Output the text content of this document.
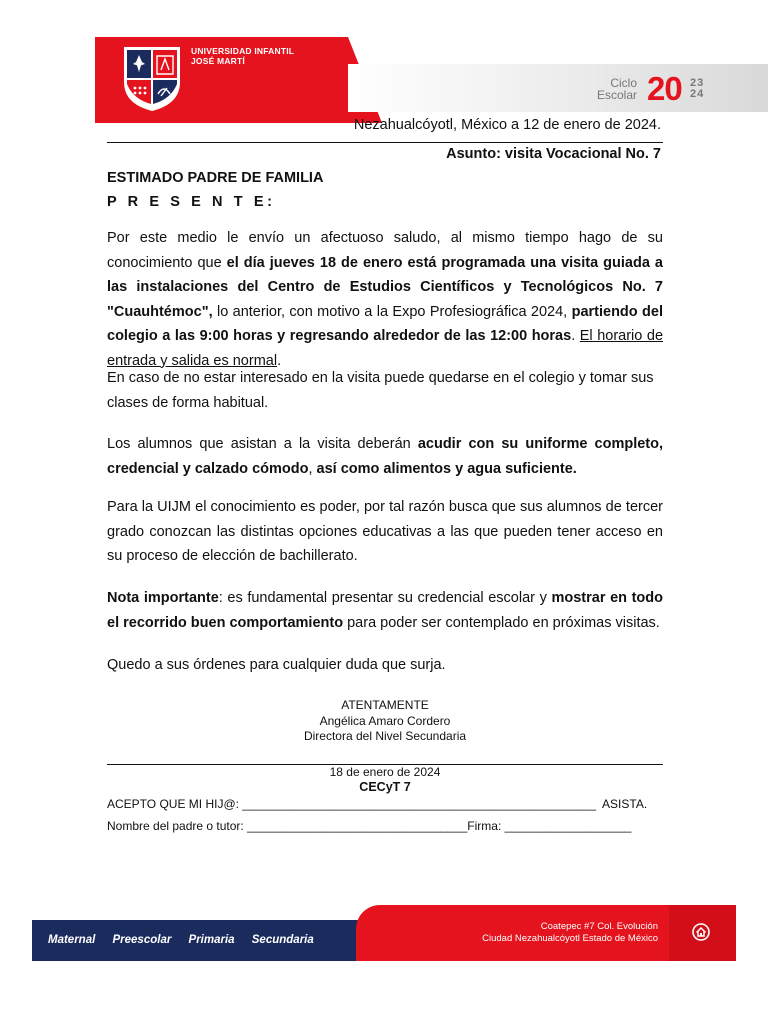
UNIVERSIDAD INFANTIL
JOSÉ MARTÍ
Ciclo
Escolar 20 23
24
Nezahualcóyotl, México a 12 de enero de 2024.
Asunto: visita Vocacional No. 7
ESTIMADO PADRE DE FAMILIA
P R E S E N T E:
Por este medio le envío un afectuoso saludo, al mismo tiempo hago de su conocimiento que el día jueves 18 de enero está programada una visita guiada a las instalaciones del Centro de Estudios Científicos y Tecnológicos No. 7 "Cuauhtémoc", lo anterior, con motivo a la Expo Profesiográfica 2024, partiendo del colegio a las 9:00 horas y regresando alrededor de las 12:00 horas. El horario de entrada y salida es normal.
En caso de no estar interesado en la visita puede quedarse en el colegio y tomar sus clases de forma habitual.
Los alumnos que asistan a la visita deberán acudir con su uniforme completo, credencial y calzado cómodo, así como alimentos y agua suficiente.
Para la UIJM el conocimiento es poder, por tal razón busca que sus alumnos de tercer grado conozcan las distintas opciones educativas a las que pueden tener acceso en su proceso de elección de bachillerato.
Nota importante: es fundamental presentar su credencial escolar y mostrar en todo el recorrido buen comportamiento para poder ser contemplado en próximas visitas.
Quedo a sus órdenes para cualquier duda que surja.
ATENTAMENTE
Angélica Amaro Cordero
Directora del Nivel Secundaria
18 de enero de 2024
CECyT 7
ACEPTO QUE MI HIJ@: _____________________________________________________  ASISTA.
Nombre del padre o tutor: _________________________________Firma: ___________________
Maternal Preescolar Primaria Secundaria
Coatepec #7 Col. Evolución
Ciudad Nezahualcóyotl Estado de México
